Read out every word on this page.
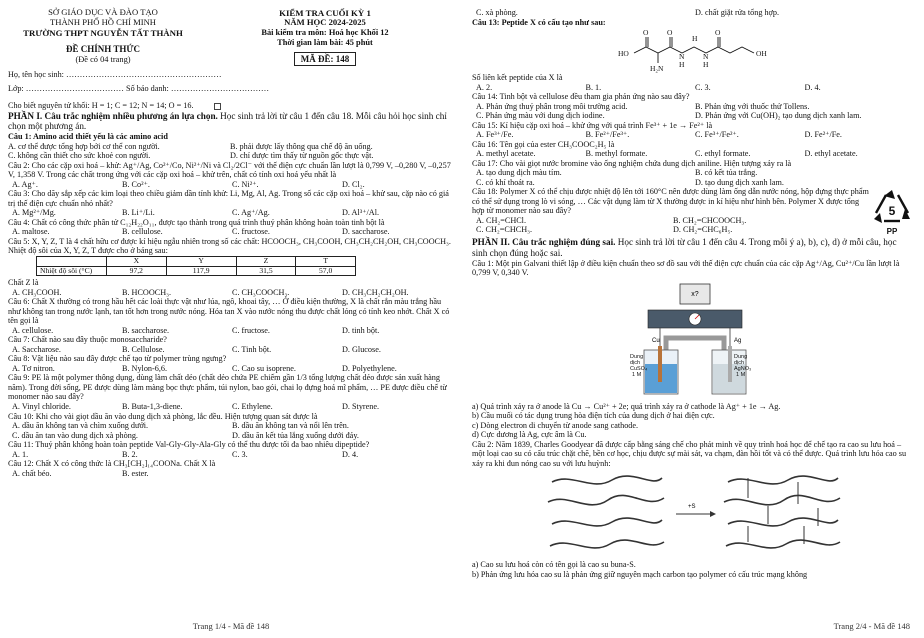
SỞ GIÁO DỤC VÀ ĐÀO TẠO
THÀNH PHỐ HỒ CHÍ MINH
TRƯỜNG THPT NGUYỄN TẤT THÀNH
ĐỀ CHÍNH THỨC
(Đề có 04 trang)
KIỂM TRA CUỐI KỲ 1
NĂM HỌC 2024-2025
Bài kiểm tra môn: Hoá học Khối 12
Thời gian làm bài: 45 phút
MÃ ĐỀ: 148
Họ, tên học sinh: …………………………………………………
Lớp: ……………………………… Số báo danh: ………………………………
Cho biết nguyên tử khối: H = 1; C = 12; N = 14; O = 16.
PHẦN I. Câu trắc nghiệm nhiều phương án lựa chọn. Học sinh trả lời từ câu 1 đến câu 18. Mỗi câu hỏi học sinh chỉ chọn một phương án.
Câu 1: Amino acid thiết yếu là các amino acid
A. cơ thể được tổng hợp bởi cơ thể con người.	B. phải được lấy thông qua chế độ ăn uống.
C. không cần thiết cho sức khoẻ con người.	D. chỉ được tìm thấy từ nguồn gốc thực vật.
Câu 2: Cho các cặp oxi hoá – khử: Ag⁺/Ag, Co²⁺/Co, Ni²⁺/Ni và Cl₂/2Cl⁻ với thế điện cực chuẩn lần lượt là 0,799 V, –0,280 V, –0,257 V, 1,358 V. Trong các chất trong ứng với các cặp oxi hoá – khử trên, chất có tính oxi hoá yếu nhất là
A. Ag⁺.	B. Co²⁺.	C. Ni²⁺.	D. Cl₂.
Câu 3: Cho dãy sắp xếp các kim loại theo chiều giảm dần tính khử: Li, Mg, Al, Ag. Trong số các cặp oxi hoá – khử sau, cặp nào có giá trị thế điện cực chuẩn nhỏ nhất?
A. Mg²⁺/Mg.	B. Li⁺/Li.	C. Ag⁺/Ag.	D. Al³⁺/Al.
Câu 4: Chất có công thức phân tử C₁₂H₂₂O₁₁, được tạo thành trong quá trình thuỷ phân không hoàn toàn tinh bột là
A. maltose.	B. cellulose.	C. fructose.	D. saccharose.
Câu 5: X, Y, Z, T là 4 chất hữu cơ được kí hiệu ngẫu nhiên trong số các chất: HCOOCH₃, CH₃COOH, CH₃CH₂CH₂OH, CH₃COOCH₃. Nhiệt độ sôi của X, Y, Z, T được cho ở bảng sau:
	X	Y	Z	T
Nhiệt độ sôi (°C)	97,2	117,9	31,5	57,0
Chất Z là
A. CH₃COOH.	B. HCOOCH₃.	C. CH₃COOCH₃.	D. CH₃CH₂CH₂OH.
Câu 6: Chất X thường có trong hầu hết các loài thực vật như lúa, ngô, khoai tây, … Ở điều kiện thường, X là chất rắn màu trắng hầu như không tan trong nước lạnh, tan tốt hơn trong nước nóng. Hóa tan X vào nước nóng thu được chất lỏng có tính keo nhớt. Chất X có tên gọi là
A. cellulose.	B. saccharose.	C. fructose.	D. tinh bột.
Câu 7: Chất nào sau đây thuộc monosaccharide?
A. Saccharose.	B. Cellulose.	C. Tinh bột.	D. Glucose.
Câu 8: Vật liệu nào sau đây được chế tạo từ polymer trùng ngưng?
A. Tơ nitron.	B. Nylon-6,6.	C. Cao su isoprene.	D. Polyethylene.
Câu 9: PE là một polymer thông dụng, dùng làm chất dẻo (chất dẻo chứa PE chiếm gần 1/3 tổng lượng chất dẻo được sản xuất hàng năm). Trong đời sống, PE được dùng làm màng bọc thực phẩm, túi nylon, bao gói, chai lọ đựng hoá mĩ phẩm, … PE được điều chế từ monomer nào sau đây?
A. Vinyl chloride.	B. Buta-1,3-diene.	C. Ethylene.	D. Styrene.
Câu 10: Khi cho vài giọt dầu ăn vào dung dịch xà phòng, lắc đều. Hiện tượng quan sát được là
A. dầu ăn không tan và chìm xuống dưới.	B. dầu ăn không tan và nổi lên trên.
C. dầu ăn tan vào dung dịch xà phòng.	D. dầu ăn kết tủa lắng xuống dưới đáy.
Câu 11: Thuỷ phân không hoàn toàn peptide Val-Gly-Gly-Ala-Gly có thể thu được tối đa bao nhiêu dipeptide?
A. 1.	B. 2.	C. 3.	D. 4.
Câu 12: Chất X có công thức là CH₃[CH₂]₁₄COONa. Chất X là
A. chất béo.	B. ester.
Trang 1/4 - Mã đề 148
C. xà phòng.	D. chất giặt rửa tổng hợp.
Câu 13: Peptide X có cấu tạo như sau:
HO
O O	O
H₂N
N
H
H
N
H
OH
Số liên kết peptide của X là
A. 2.	B. 1.	C. 3.	D. 4.
Câu 14: Tinh bột và cellulose đều tham gia phản ứng nào sau đây?
A. Phản ứng thuỷ phân trong môi trường acid.	B. Phản ứng với thuốc thử Tollens.
C. Phản ứng màu với dung dịch iodine.	D. Phản ứng với Cu(OH)₂ tạo dung dịch xanh lam.
Câu 15: Kí hiệu cặp oxi hoá – khử ứng với quá trình Fe³⁺ + 1e → Fe²⁺ là
A. Fe³⁺/Fe.	B. Fe²⁺/Fe³⁺.	C. Fe³⁺/Fe²⁺.	D. Fe²⁺/Fe.
Câu 16: Tên gọi của ester CH₃COOC₂H₅ là
A. methyl acetate.	B. methyl formate.	C. ethyl formate.	D. ethyl acetate.
Câu 17: Cho vài giọt nước bromine vào ống nghiệm chứa dung dịch aniline. Hiện tượng xảy ra là
A. tạo dung dịch màu tím.	B. có kết tủa trắng.
C. có khí thoát ra.	D. tạo dung dịch xanh lam.
Câu 18: Polymer X có thể chịu được nhiệt độ lên tới 160°C nên được dùng làm ống dẫn nước nóng, hộp đựng thực phẩm có thể sử dụng trong lò vi sóng, … Các vật dụng làm từ X thường được in kí hiệu như hình bên. Polymer X được tổng hợp từ monomer nào sau đây?
A. CH₂=CHCl.	B. CH₂=CHCOOCH₃.
C. CH₂=CHCH₃.	D. CH₂=CHC₆H₅.
5
PP
PHẦN II. Câu trắc nghiệm đúng sai. Học sinh trả lời từ câu 1 đến câu 4. Trong mỗi ý a), b), c), d) ở mỗi câu, học sinh chọn đúng hoặc sai.
Câu 1: Một pin Galvani thiết lập ở điều kiện chuẩn theo sơ đồ sau với thế điện cực chuẩn của các cặp Ag⁺/Ag, Cu²⁺/Cu lần lượt là 0,799 V, 0,340 V.
x?
Cu	Ag
Dung
dịch
CuSO₄
1 M
Dung
dịch
AgNO₃
1 M
a) Quá trình xảy ra ở anode là Cu → Cu²⁺ + 2e; quá trình xảy ra ở cathode là Ag⁺ + 1e → Ag.
b) Cầu muối có tác dụng trung hòa điện tích của dung dịch ở hai điện cực.
c) Dòng electron di chuyển từ anode sang cathode.
d) Cực dương là Ag, cực âm là Cu.
Câu 2: Năm 1839, Charles Goodyear đã được cấp bằng sáng chế cho phát minh về quy trình hoá học để chế tạo ra cao su lưu hoá – một loại cao su có cấu trúc chặt chẽ, bền cơ học, chịu được sự mài sát, va chạm, đàn hồi tốt và có thể được. Quá trình lưu hóa cao su xảy ra khi đun nóng cao su với lưu huỳnh:
+S
a) Cao su lưu hoá còn có tên gọi là cao su buna-S.
b) Phản ứng lưu hóa cao su là phản ứng giữ nguyên mạch carbon tạo polymer có cấu trúc mạng không
Trang 2/4 - Mã đề 148
